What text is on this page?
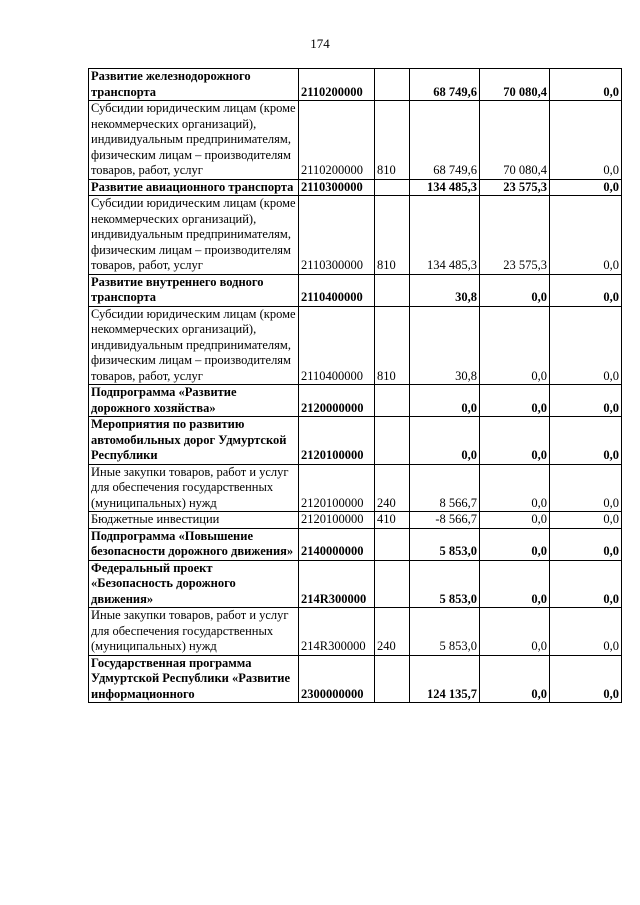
174
Развитие железнодорожного транспорта	2110200000		68 749,6	70 080,4	0,0
Субсидии юридическим лицам (кроме некоммерческих организаций), индивидуальным предпринимателям, физическим лицам – производителям товаров, работ, услуг	2110200000	810	68 749,6	70 080,4	0,0
Развитие авиационного транспорта	2110300000		134 485,3	23 575,3	0,0
Субсидии юридическим лицам (кроме некоммерческих организаций), индивидуальным предпринимателям, физическим лицам – производителям товаров, работ, услуг	2110300000	810	134 485,3	23 575,3	0,0
Развитие внутреннего водного транспорта	2110400000		30,8	0,0	0,0
Субсидии юридическим лицам (кроме некоммерческих организаций), индивидуальным предпринимателям, физическим лицам – производителям товаров, работ, услуг	2110400000	810	30,8	0,0	0,0
Подпрограмма «Развитие дорожного хозяйства»	2120000000		0,0	0,0	0,0
Мероприятия по развитию автомобильных дорог Удмуртской Республики	2120100000		0,0	0,0	0,0
Иные закупки товаров, работ и услуг для обеспечения государственных (муниципальных) нужд	2120100000	240	8 566,7	0,0	0,0
Бюджетные инвестиции	2120100000	410	-8 566,7	0,0	0,0
Подпрограмма «Повышение безопасности дорожного движения»	2140000000		5 853,0	0,0	0,0
Федеральный проект «Безопасность дорожного движения»	214R300000		5 853,0	0,0	0,0
Иные закупки товаров, работ и услуг для обеспечения государственных (муниципальных) нужд	214R300000	240	5 853,0	0,0	0,0
Государственная программа Удмуртской Республики «Развитие информационного	2300000000		124 135,7	0,0	0,0
